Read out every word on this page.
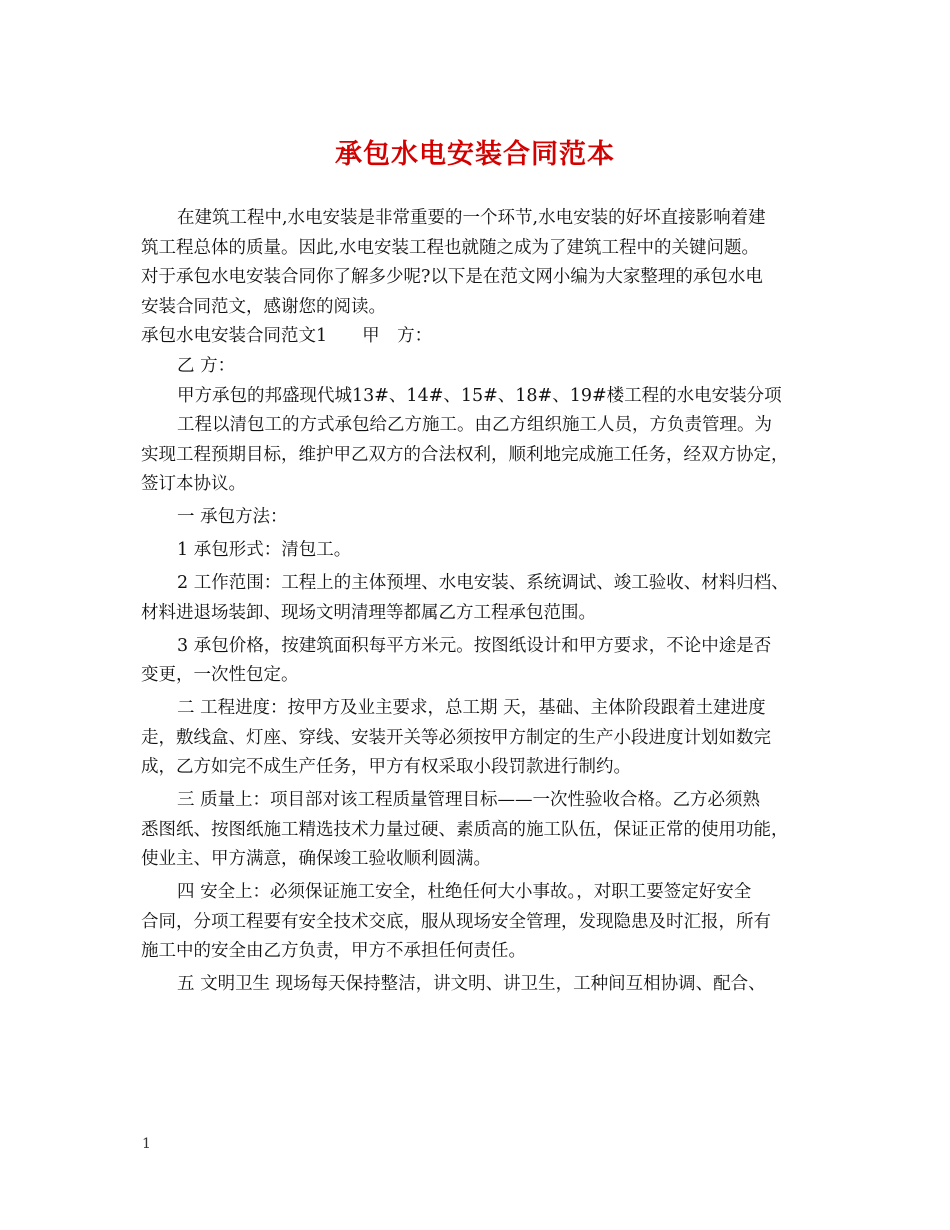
承包水电安装合同范本

在建筑工程中,水电安装是非常重要的一个环节,水电安装的好坏直接影响着建

筑工程总体的质量。因此,水电安装工程也就随之成为了建筑工程中的关键问题。

对于承包水电安装合同你了解多少呢?以下是在范文网小编为大家整理的承包水电

安装合同范文，感谢您的阅读。

承包水电安装合同范文1　　甲　方：

乙 方：

甲方承包的邦盛现代城13#、14#、15#、18#、19#楼工程的水电安装分项

工程以清包工的方式承包给乙方施工。由乙方组织施工人员，方负责管理。为

实现工程预期目标，维护甲乙双方的合法权利，顺利地完成施工任务，经双方协定，

签订本协议。

一 承包方法：

1 承包形式：清包工。

2 工作范围：工程上的主体预埋、水电安装、系统调试、竣工验收、材料归档、

材料进退场装卸、现场文明清理等都属乙方工程承包范围。

3 承包价格，按建筑面积每平方米元。按图纸设计和甲方要求，不论中途是否

变更，一次性包定。

二 工程进度：按甲方及业主要求，总工期 天，基础、主体阶段跟着土建进度

走，敷线盒、灯座、穿线、安装开关等必须按甲方制定的生产小段进度计划如数完

成，乙方如完不成生产任务，甲方有权采取小段罚款进行制约。

三 质量上：项目部对该工程质量管理目标——一次性验收合格。乙方必须熟

悉图纸、按图纸施工精选技术力量过硬、素质高的施工队伍，保证正常的使用功能，

使业主、甲方满意，确保竣工验收顺利圆满。

四 安全上：必须保证施工安全，杜绝任何大小事故。，对职工要签定好安全

合同，分项工程要有安全技术交底，服从现场安全管理，发现隐患及时汇报，所有

施工中的安全由乙方负责，甲方不承担任何责任。

五 文明卫生 现场每天保持整洁，讲文明、讲卫生，工种间互相协调、配合、

1
